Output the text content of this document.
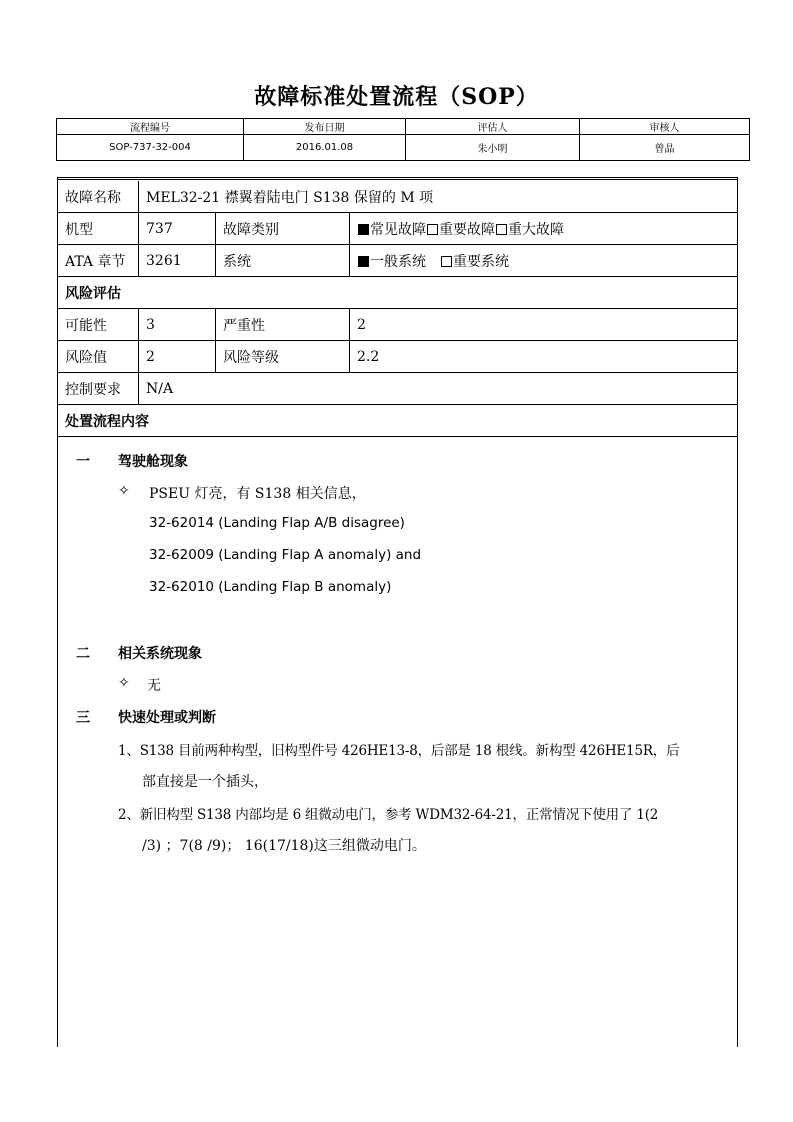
故障标准处置流程（SOP）
流程编号	发布日期	评估人	审核人
SOP-737-32-004	2016.01.08	朱小明	曾晶
故障名称	MEL32-21 襟翼着陆电门 S138 保留的 M 项		
机型	737	故障类别	常见故障 重要故障 重大故障
ATA 章节	3261	系统	一般系统 重要系统
风险评估			
可能性	3	严重性	2
风险值	2	风险等级	2.2
控制要求	N/A		
处置流程内容			
一 驾驶舱现象
✧ PSEU 灯亮，有 S138 相关信息，
32-62014 (Landing Flap A/B disagree)
32-62009 (Landing Flap A anomaly) and
32-62010 (Landing Flap B anomaly)
二 相关系统现象
✧ 无
三 快速处理或判断
1、S138 目前两种构型，旧构型件号 426HE13-8，后部是 18 根线。新构型 426HE15R，后
部直接是一个插头，
2、新旧构型 S138 内部均是 6 组微动电门，参考 WDM32-64-21，正常情况下使用了 1(2
/3) ；7(8 /9)； 16(17/18)这三组微动电门。
